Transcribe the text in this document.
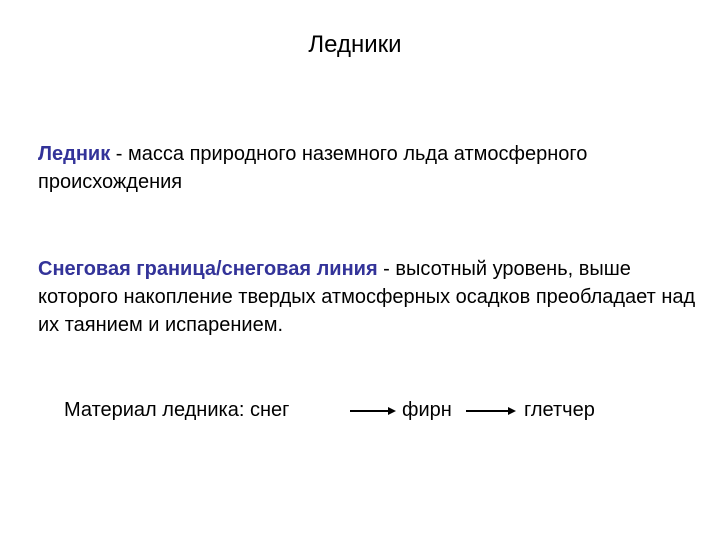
Ледники
Ледник - масса природного наземного льда атмосферного происхождения
Снеговая граница/снеговая линия - высотный уровень, выше которого накопление твердых атмосферных осадков преобладает над их таянием и испарением.
Материал ледника: снег	фирн	глетчер
